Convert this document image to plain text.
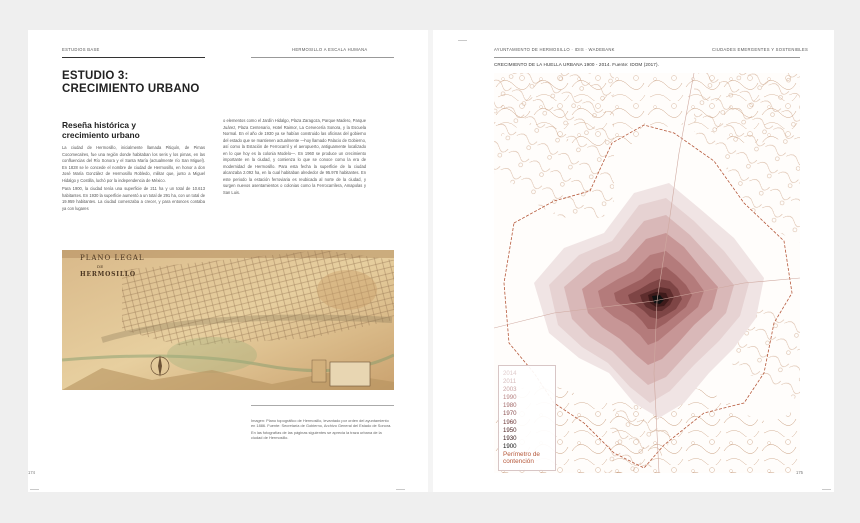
ESTUDIOS BASE	HERMOSILLO A ESCALA HUMANA
ESTUDIO 3:
CRECIMIENTO URBANO
Reseña histórica y
crecimiento urbano

La ciudad de Hermosillo, inicialmente llamada Pitiquín, de Pimas Cocomecalres, fue una región donde habitaban los seris y los pimas, en las confluencias del Río Sonora y el Santa María (actualmente río San Miguel). En 1828 se le concede el nombre de ciudad de Hermosillo, en honor a don José María González de Hermosillo Robledo, militar que, junto a Miguel Hidalgo y Costilla, luchó por la independencia de México.

Para 1900, la ciudad tenía una superficie de 211 ha y un total de 10.613 habitantes. En 1930 la superficie aumentó a un total de 291 ha, con un total de 19.959 habitantes. La ciudad comenzaba a crecer, y para entonces contaba ya con lugares

o elementos como el Jardín Hidalgo, Plaza Zaragoza, Parque Madero, Parque Juárez, Plaza Centenario, Hotel Raimor, La Cervecería Sonora, y la Escuela Normal. En el año de 1930 ya se habían construido las oficinas del gobierno del estado que se mantienen actualmente —hoy llamado Palacio de Gobierno, así como la Estación de Ferrocarril y el aeropuerto, antiguamente localizado en lo que hoy es la colonia Modelo—. En 1960 se produce un crecimiento importante en la ciudad, y comienza lo que se conoce como la era de modernidad de Hermosillo. Para esta fecha la superficie de la ciudad alcanzaba 2.092 ha, en la cual habitaban alrededor de 95.978 habitantes. En este periodo la estación ferroviaria es reubicada al norte de la ciudad, y surgen nuevos asentamientos o colonias como la Ferrocarrilera, Amapolas y San Luis.

PLANO LEGAL
DE
HERMOSILLO

Imagen: Plano topográfico de Hermosillo, levantado por orden del ayuntamiento en 1886. Fuente: Secretaría de Gobierno, Archivo General del Estado de Sonora.

En las fotografías de las páginas siguientes se aprecia la traza urbana de la ciudad de Hermosillo.

174
AYUNTAMIENTO DE HERMOSILLO · IDIS · WADEBANK	CIUDADES EMERGENTES Y SOSTENIBLES
CRECIMIENTO DE LA HUELLA URBANA 1900 - 2014. Fuente: IDOM (2017).
2014
2011
2003
1990
1980
1970
1960
1950
1930
1900
Perímetro de contención
175
